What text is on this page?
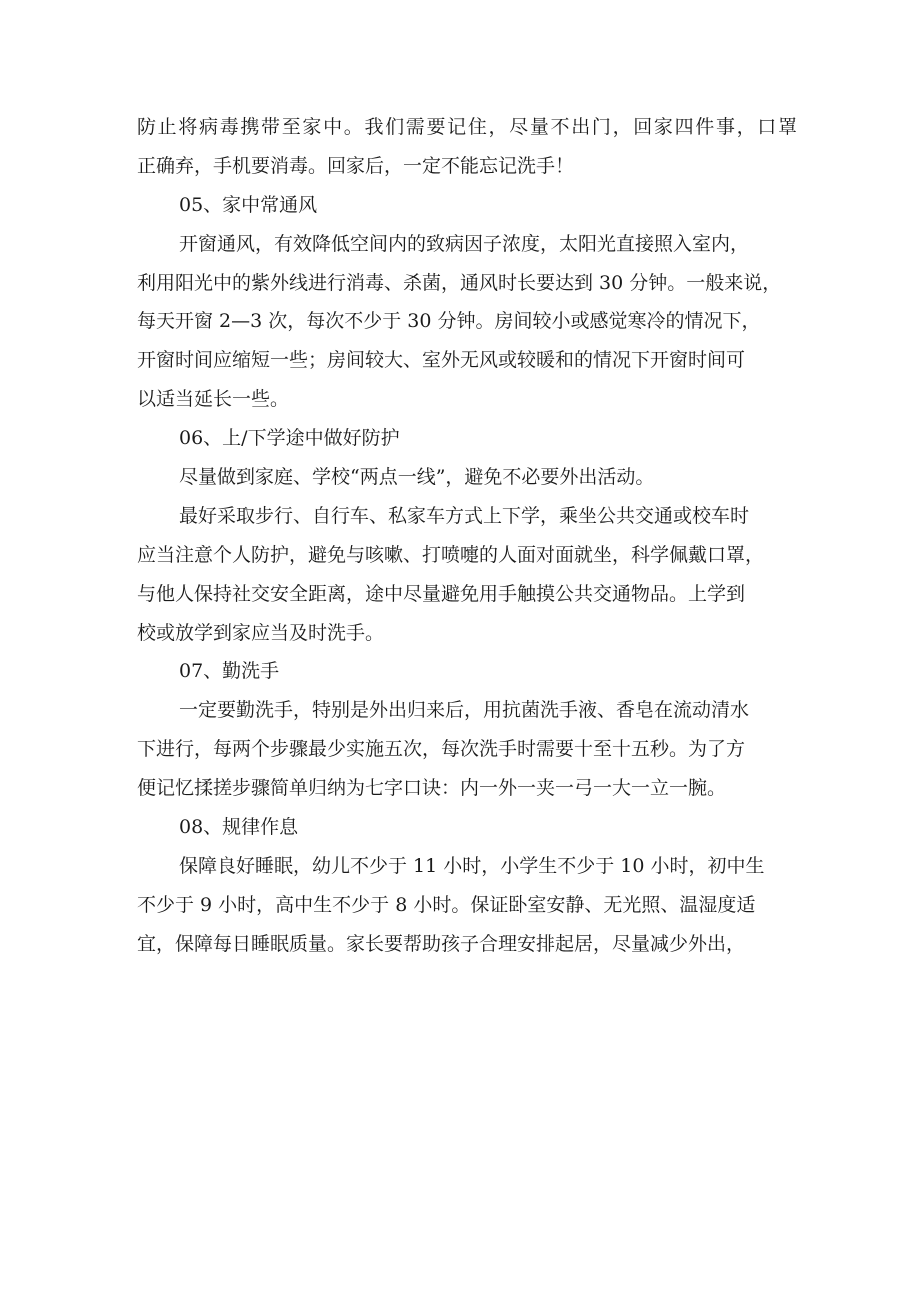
防止将病毒携带至家中。我们需要记住，尽量不出门，回家四件事，口罩
正确弃，手机要消毒。回家后，一定不能忘记洗手！
05、家中常通风
开窗通风，有效降低空间内的致病因子浓度，太阳光直接照入室内，
利用阳光中的紫外线进行消毒、杀菌，通风时长要达到 30 分钟。一般来说，
每天开窗 2—3 次，每次不少于 30 分钟。房间较小或感觉寒冷的情况下，
开窗时间应缩短一些；房间较大、室外无风或较暖和的情况下开窗时间可
以适当延长一些。
06、上/下学途中做好防护
尽量做到家庭、学校“两点一线”，避免不必要外出活动。
最好采取步行、自行车、私家车方式上下学，乘坐公共交通或校车时
应当注意个人防护，避免与咳嗽、打喷嚏的人面对面就坐，科学佩戴口罩，
与他人保持社交安全距离，途中尽量避免用手触摸公共交通物品。上学到
校或放学到家应当及时洗手。
07、勤洗手
一定要勤洗手，特别是外出归来后，用抗菌洗手液、香皂在流动清水
下进行，每两个步骤最少实施五次，每次洗手时需要十至十五秒。为了方
便记忆揉搓步骤简单归纳为七字口诀：内一外一夹一弓一大一立一腕。
08、规律作息
保障良好睡眠，幼儿不少于 11 小时，小学生不少于 10 小时，初中生
不少于 9 小时，高中生不少于 8 小时。保证卧室安静、无光照、温湿度适
宜，保障每日睡眠质量。家长要帮助孩子合理安排起居，尽量减少外出，
